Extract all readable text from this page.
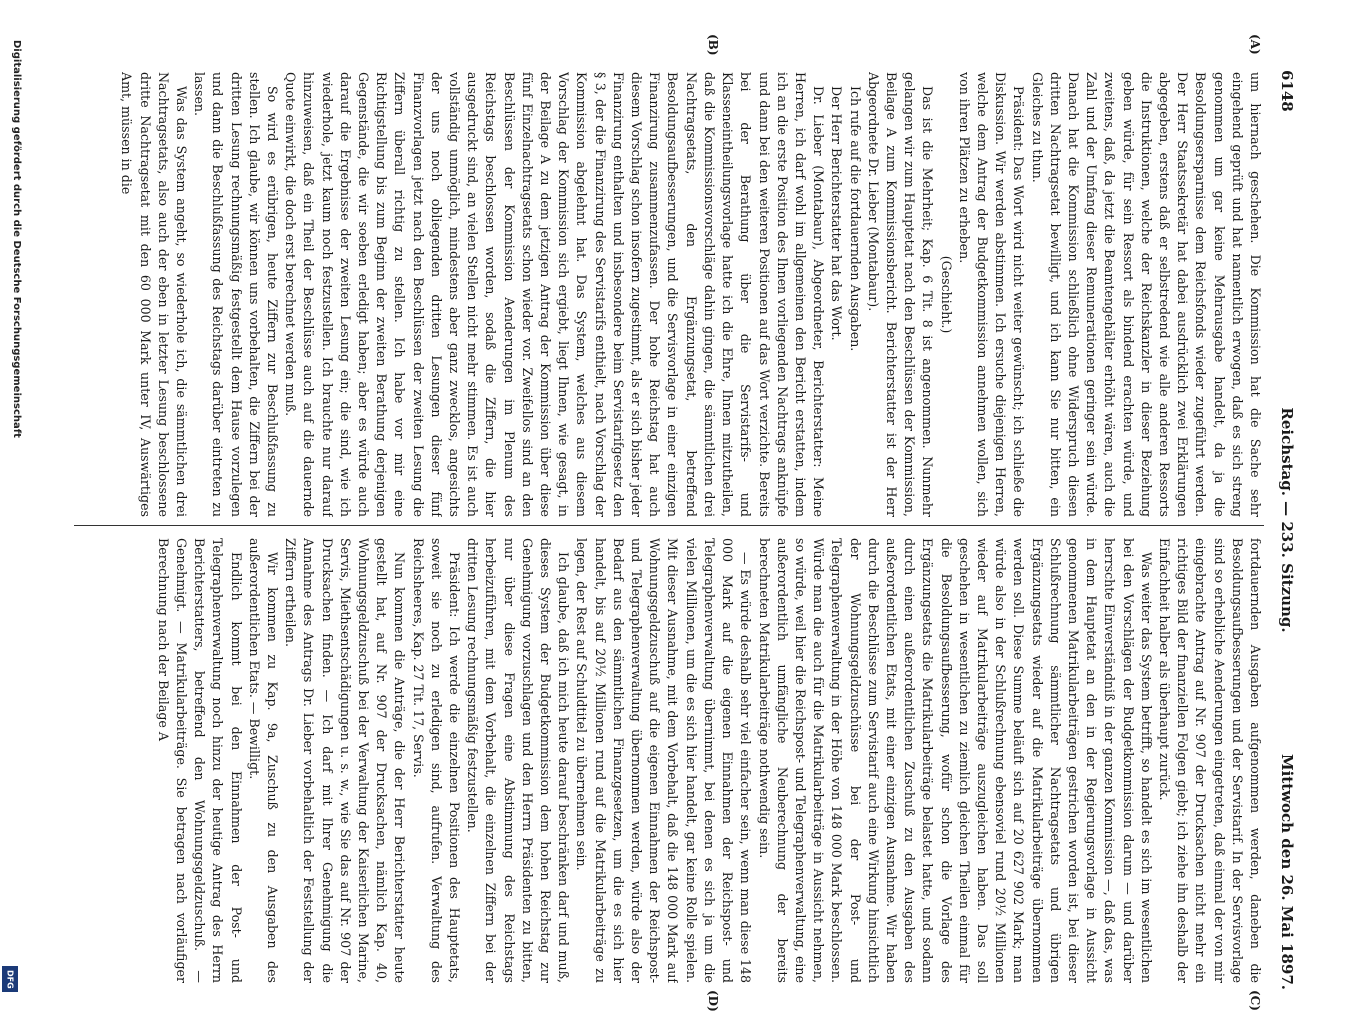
6148
Reichstag. — 233. Sitzung.
Mittwoch den 26. Mai 1897.
(A)
(B)
(C)
(D)

um hiernach geschehen. Die Kommission hat die Sache sehr eingehend geprüft und hat namentlich erwogen, daß es sich streng genommen um gar keine Mehrausgabe handelt, da ja die Besoldungsersparnisse dem Reichsfonds wieder zugeführt werden. Der Herr Staatssekretär hat dabei ausdrücklich zwei Erklärungen abgegeben, erstens daß er selbstredend wie alle anderen Ressorts die Instruktionen, welche der Reichskanzler in dieser Beziehung geben würde, für sein Ressort als bindend erachten würde, und zweitens, daß, da jetzt die Beamtengehälter erhöht wären, auch die Zahl und der Umfang dieser Remunerationen geringer sein würde. Danach hat die Kommission schließlich ohne Widerspruch diesen dritten Nachtragsetat bewilligt, und ich kann Sie nur bitten, ein Gleiches zu thun.

Präsident: Das Wort wird nicht weiter gewünscht; ich schließe die Diskussion. Wir werden abstimmen. Ich ersuche diejenigen Herren, welche dem Antrag der Budgetkommission annehmen wollen, sich von ihren Plätzen zu erheben.

(Geschieht.)

Das ist die Mehrheit; Kap. 6 Tit. 8 ist angenommen. Nunmehr gelangen wir zum Hauptetat nach den Beschlüssen der Kommission, Beilage A zum Kommissionsbericht. Berichterstatter ist der Herr Abgeordnete Dr. Lieber (Montabaur).

Ich rufe auf die fortdauernden Ausgaben.

Der Herr Berichterstatter hat das Wort.

Dr. Lieber (Montabaur), Abgeordneter, Berichterstatter: Meine Herren, ich darf wohl im allgemeinen den Bericht erstatten, indem ich an die erste Position des Ihnen vorliegenden Nachtrags anknüpfe und dann bei den weiteren Positionen auf das Wort verzichte. Bereits bei der Berathung über die Servistarifs- und Klasseneintheilungsvorlage hatte ich die Ehre, Ihnen mitzutheilen, daß die Kommissionsvorschläge dahin gingen, die sämmtlichen drei Nachtragsetats, den Ergänzungsetat, betreffend Besoldungsaufbesserungen, und die Servisvorlage in einer einzigen Finanzirung zusammenzufassen. Der hohe Reichstag hat auch diesem Vorschlag schon insofern zugestimmt, als er sich bisher jeder Finanzirung enthalten und insbesondere beim Servistarifgesetz den § 3, der die Finanzirung des Servistarifs enthielt, nach Vorschlag der Kommission abgelehnt hat. Das System, welches aus diesem Vorschlag der Kommission sich ergiebt, liegt Ihnen, wie gesagt, in der Beilage A zu dem jetzigen Antrag der Kommission über diese fünf Einzelnachtragsetats schon wieder vor. Zweifellos sind an den Beschlüssen der Kommission Aenderungen im Plenum des Reichstags beschlossen worden, sodaß die Ziffern, die hier ausgedruckt sind, an vielen Stellen nicht mehr stimmen. Es ist auch vollständig unmöglich, mindestens aber ganz zwecklos, angesichts der uns noch obliegenden dritten Lesungen dieser fünf Finanzvorlagen jetzt nach den Beschlüssen der zweiten Lesung die Ziffern überall richtig zu stellen. Ich habe vor mir eine Richtigstellung bis zum Beginn der zweiten Berathung derjenigen Gegenstände, die wir soeben erledigt haben; aber es würde auch darauf die Ergebnisse der zweiten Lesung ein; die sind, wie ich wiederhole, jetzt kaum noch festzustellen. Ich brauchte nur darauf hinzuweisen, daß ein Theil der Beschlüsse auch auf die dauernde Quote einwirkt, die doch erst berechnet werden muß.

So wird es erübrigen, heute Ziffern zur Beschlußfassung zu stellen. Ich glaube, wir können uns vorbehalten, die Ziffern bei der dritten Lesung rechnungsmäßig festgestellt dem Hause vorzulegen und dann die Beschlußfassung des Reichstags darüber eintreten zu lassen.

Was das System angeht, so wiederhole ich, die sämmtlichen drei Nachtragsetats, also auch der eben in letzter Lesung beschlossene dritte Nachtragsetat mit den 60 000 Mark unter IV, Auswärtiges Amt, müssen in die

fortdauernden Ausgaben aufgenommen werden, daneben die Besoldungsaufbesserungen und der Servistarif. In der Servisvorlage sind so erhebliche Aenderungen eingetreten, daß einmal der von mir eingebrachte Antrag auf Nr. 907 der Drucksachen nicht mehr ein richtiges Bild der finanziellen Folgen giebt; ich ziehe ihn deshalb der Einfachheit halber als überhaupt zurück.

Was weiter das System betrifft, so handelt es sich im wesentlichen bei den Vorschlägen der Budgetkommission darum — und darüber herrschte Einverständniß in der ganzen Kommission —, daß das, was in dem Hauptetat an den in der Regierungsvorlage in Aussicht genommenen Matrikularbeiträgen gestrichen worden ist, bei dieser Schlußrechnung sämmtlicher Nachtragsetats und übrigen Ergänzungsetats wieder auf die Matrikularbeiträge übernommen werden soll. Diese Summe beläuft sich auf 20 627 902 Mark; man würde also in der Schlußrechnung ebensoviel rund 20½ Millionen wieder auf Matrikularbeiträge auszugleichen haben. Das soll geschehen in wesentlichen zu ziemlich gleichen Theilen einmal für die Besoldungsaufbesserung, wofür schon die Vorlage des Ergänzungsetats die Matrikularbeiträge belastet hatte, und sodann durch einen außerordentlichen Zuschuß zu den Ausgaben des außerordentlichen Etats, mit einer einzigen Ausnahme. Wir haben durch die Beschlüsse zum Servistarif auch eine Wirkung hinsichtlich der Wohnungsgeldzuschüsse bei der Post- und Telegraphenverwaltung in der Höhe von 148 000 Mark beschlossen. Würde man die auch für die Matrikularbeiträge in Aussicht nehmen, so würde, weil hier die Reichspost- und Telegraphenverwaltung, eine außerordentlich umfängliche Neuberechnung der bereits berechneten Matrikularbeiträge nothwendig sein.

— Es würde deshalb sehr viel einfacher sein, wenn man diese 148 000 Mark auf die eigenen Einnahmen der Reichspost- und Telegraphenverwaltung übernimmt, bei denen es sich ja um die vielen Millionen, um die es sich hier handelt, gar keine Rolle spielen. Mit dieser Ausnahme, mit dem Vorbehalt, daß die 148 000 Mark auf Wohnungsgeldzuschuß auf die eigenen Einnahmen der Reichspost- und Telegraphenverwaltung übernommen werden, würde also der Bedarf aus den sämmtlichen Finanzgesetzen, um die es sich hier handelt, bis auf 20½ Millionen rund auf die Matrikularbeiträge zu legen, der Rest auf Schuldtitel zu übernehmen sein.

Ich glaube, daß ich mich heute darauf beschränken darf und muß, dieses System der Budgetkommission dem hohen Reichstag zur Genehmigung vorzuschlagen und den Herrn Präsidenten zu bitten, nur über diese Fragen eine Abstimmung des Reichstags herbeizuführen, mit dem Vorbehalt, die einzelnen Ziffern bei der dritten Lesung rechnungsmäßig festzustellen.

Präsident: Ich werde die einzelnen Positionen des Hauptetats, soweit sie noch zu erledigen sind, aufrufen. Verwaltung des Reichsheeres, Kap. 27 Tit. 17, Servis.

Nun kommen die Anträge, die der Herr Berichterstatter heute gestellt hat, auf Nr. 907 der Drucksachen, nämlich Kap. 40, Wohnungsgeldzuschuß bei der Verwaltung der Kaiserlichen Marine, Servis, Miethsentschädigungen u. s. w., wie Sie das auf Nr. 907 der Drucksachen finden. — Ich darf mit Ihrer Genehmigung die Annahme des Antrags Dr. Lieber vorbehaltlich der Feststellung der Ziffern ertheilen.

Wir kommen zu Kap. 9a, Zuschuß zu den Ausgaben des außerordentlichen Etats. — Bewilligt.

Endlich kommt bei den Einnahmen der Post- und Telegraphenverwaltung noch hinzu der heutige Antrag des Herrn Berichterstatters, betreffend den Wohnungsgeldzuschuß. — Genehmigt. — Matrikularbeiträge. Sie betragen nach vorläufiger Berechnung nach der Beilage A

Digitalisierung gefördert durch die Deutsche Forschungsgemeinschaft
DFG
